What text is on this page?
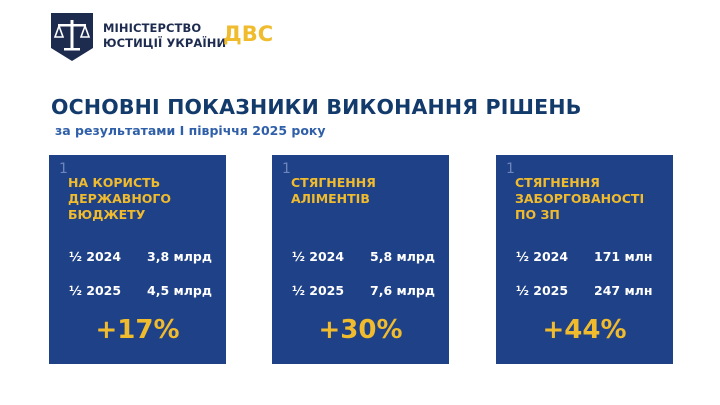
МІНІСТЕРСТВО
ЮСТИЦІЇ УКРАЇНИ
ДВС
ОСНОВНІ ПОКАЗНИКИ ВИКОНАННЯ РІШЕНЬ
за результатами І півріччя 2025 року
1
НА КОРИСТЬ
ДЕРЖАВНОГО
БЮДЖЕТУ
½ 2024 3,8 млрд
½ 2025 4,5 млрд
+17%
1
СТЯГНЕННЯ
АЛІМЕНТІВ
½ 2024 5,8 млрд
½ 2025 7,6 млрд
+30%
1
СТЯГНЕННЯ
ЗАБОРГОВАНОСТІ
ПО ЗП
½ 2024 171 млн
½ 2025 247 млн
+44%
